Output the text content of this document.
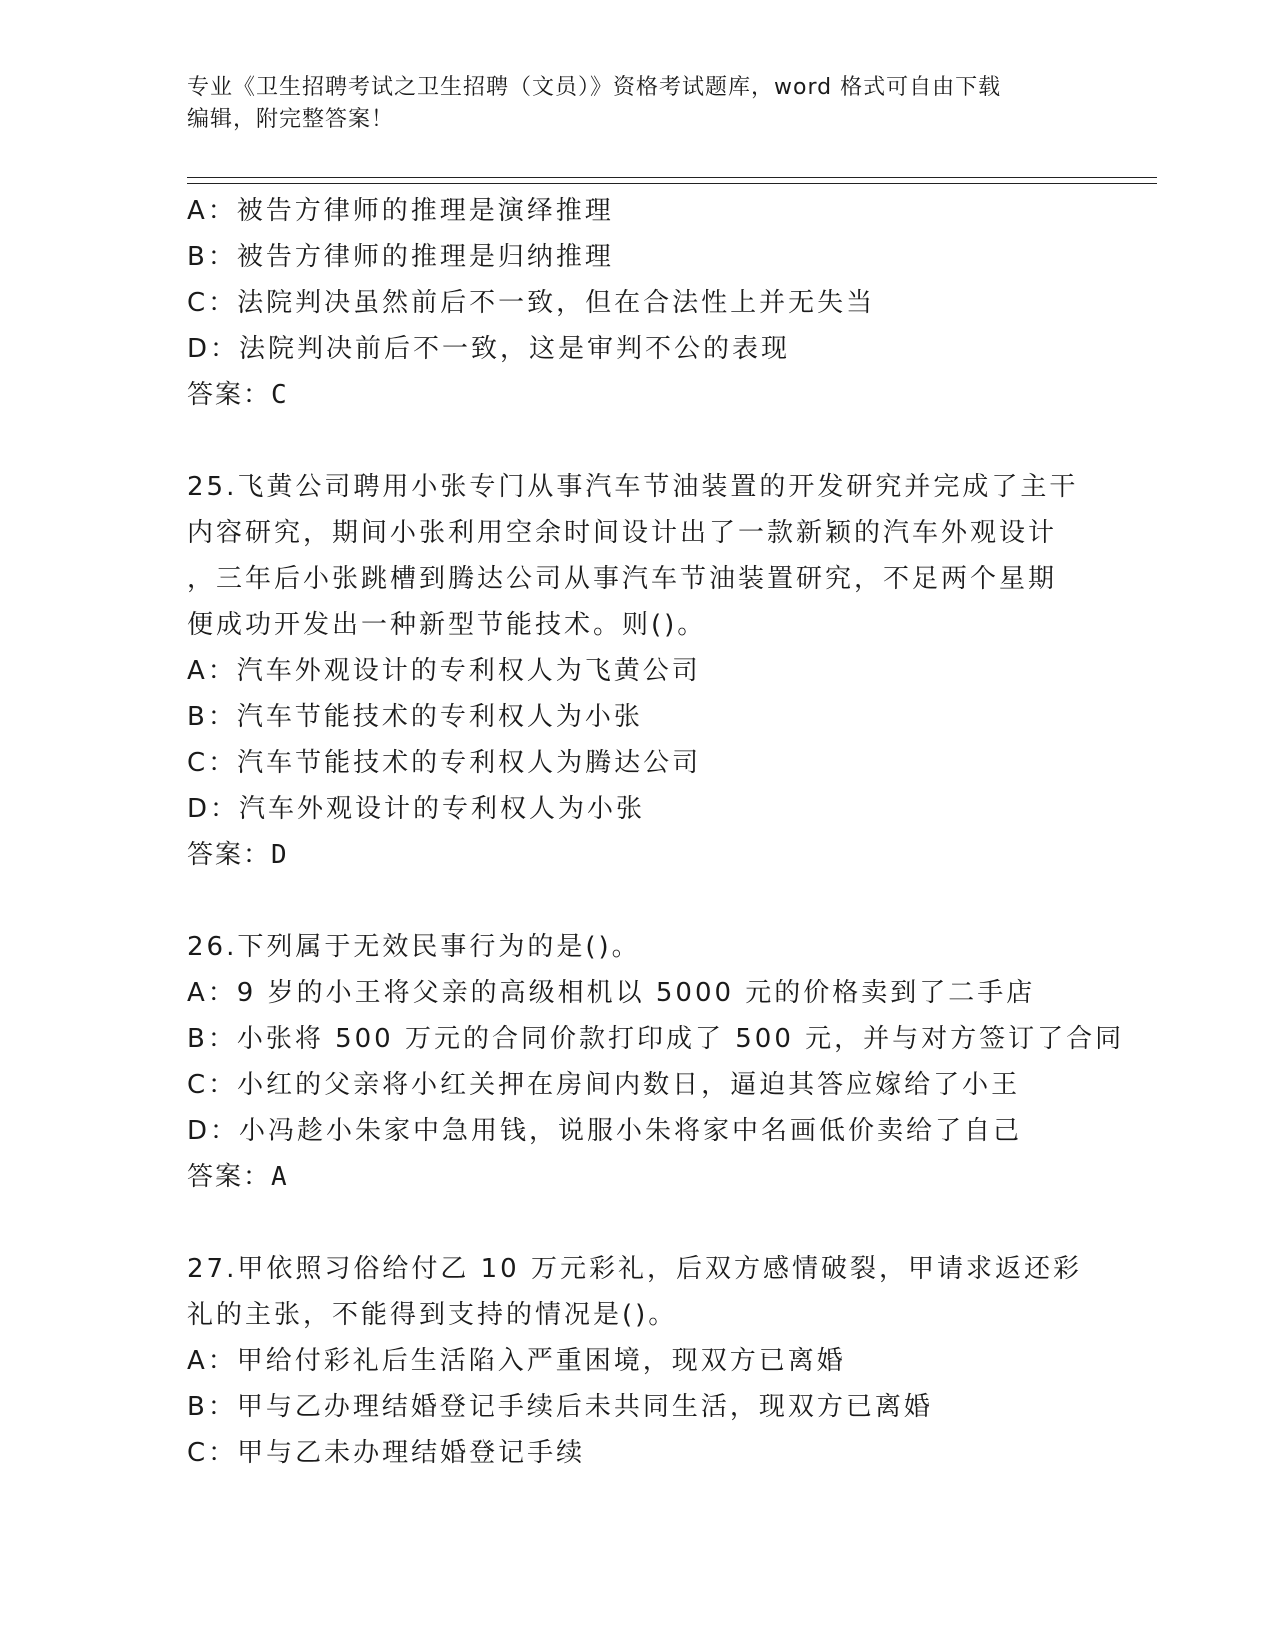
专业《卫生招聘考试之卫生招聘（文员）》资格考试题库，word 格式可自由下载
编辑，附完整答案！
A：被告方律师的推理是演绎推理
B：被告方律师的推理是归纳推理
C：法院判决虽然前后不一致，但在合法性上并无失当
D：法院判决前后不一致，这是审判不公的表现
答案：C
25.飞黄公司聘用小张专门从事汽车节油装置的开发研究并完成了主干
内容研究，期间小张利用空余时间设计出了一款新颖的汽车外观设计
，三年后小张跳槽到腾达公司从事汽车节油装置研究，不足两个星期
便成功开发出一种新型节能技术。则()。
A：汽车外观设计的专利权人为飞黄公司
B：汽车节能技术的专利权人为小张
C：汽车节能技术的专利权人为腾达公司
D：汽车外观设计的专利权人为小张
答案：D
26.下列属于无效民事行为的是()。
A：9 岁的小王将父亲的高级相机以 5000 元的价格卖到了二手店
B：小张将 500 万元的合同价款打印成了 500 元，并与对方签订了合同
C：小红的父亲将小红关押在房间内数日，逼迫其答应嫁给了小王
D：小冯趁小朱家中急用钱，说服小朱将家中名画低价卖给了自己
答案：A
27.甲依照习俗给付乙 10 万元彩礼，后双方感情破裂，甲请求返还彩
礼的主张，不能得到支持的情况是()。
A：甲给付彩礼后生活陷入严重困境，现双方已离婚
B：甲与乙办理结婚登记手续后未共同生活，现双方已离婚
C：甲与乙未办理结婚登记手续
